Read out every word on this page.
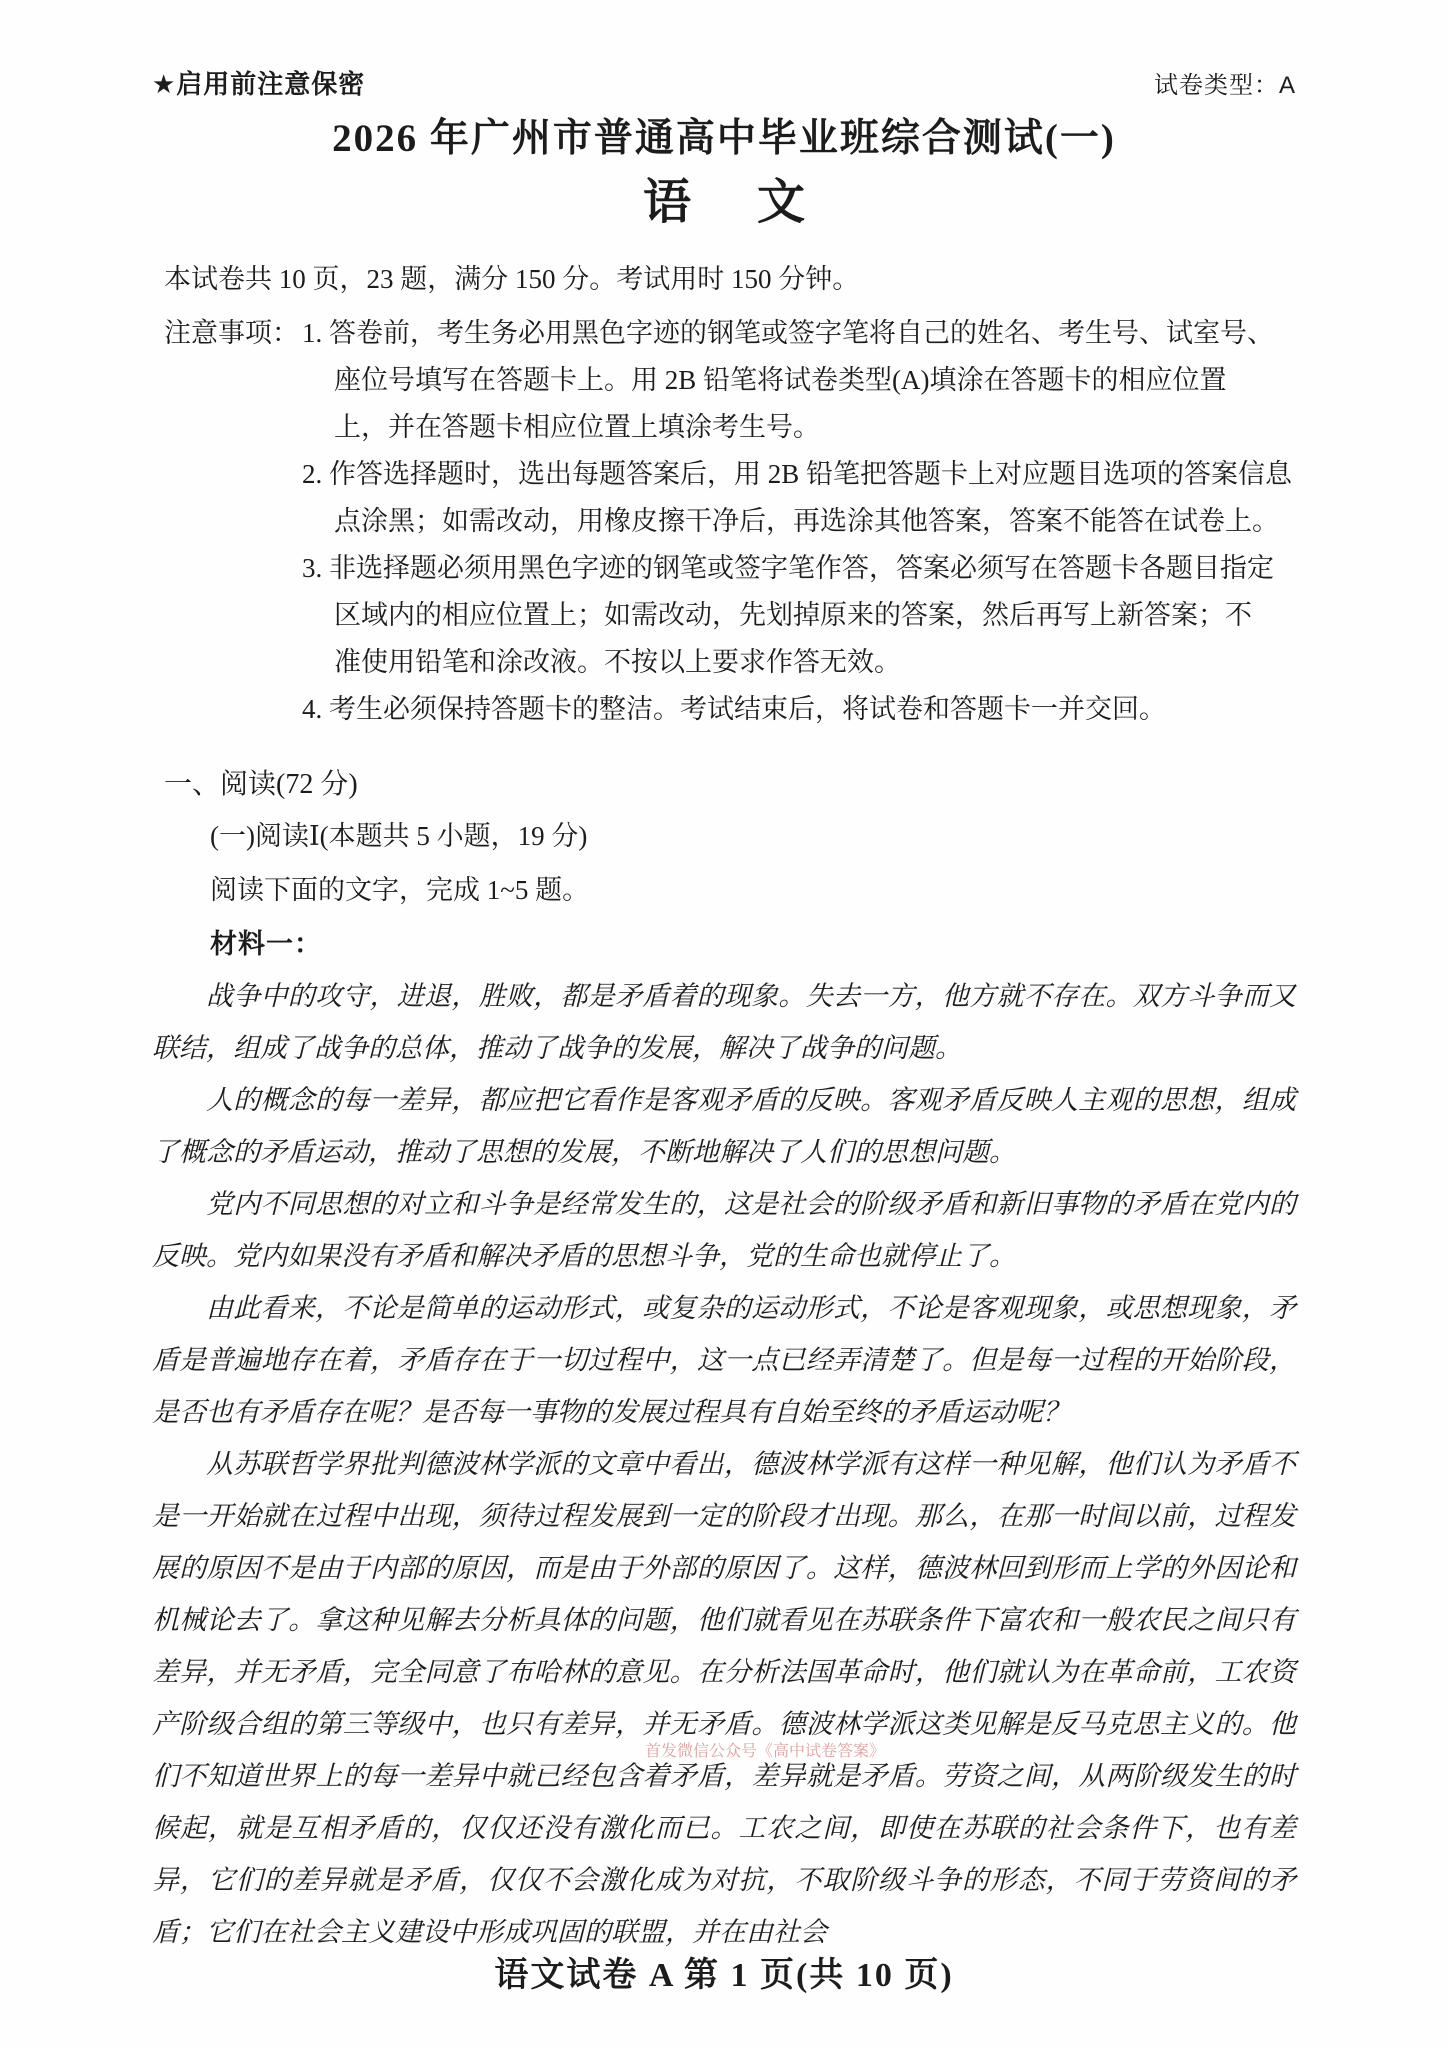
★启用前注意保密	试卷类型：A
2026 年广州市普通高中毕业班综合测试(一)
语 文
本试卷共 10 页，23 题，满分 150 分。考试用时 150 分钟。
注意事项： 1. 答卷前，考生务必用黑色字迹的钢笔或签字笔将自己的姓名、考生号、试室号、
座位号填写在答题卡上。用 2B 铅笔将试卷类型(A)填涂在答题卡的相应位置
上，并在答题卡相应位置上填涂考生号。
2. 作答选择题时，选出每题答案后，用 2B 铅笔把答题卡上对应题目选项的答案信息
点涂黑；如需改动，用橡皮擦干净后，再选涂其他答案，答案不能答在试卷上。
3. 非选择题必须用黑色字迹的钢笔或签字笔作答，答案必须写在答题卡各题目指定
区域内的相应位置上；如需改动，先划掉原来的答案，然后再写上新答案；不
准使用铅笔和涂改液。不按以上要求作答无效。
4. 考生必须保持答题卡的整洁。考试结束后，将试卷和答题卡一并交回。
一、阅读(72 分)
(一)阅读Ⅰ(本题共 5 小题，19 分)
阅读下面的文字，完成 1~5 题。
材料一：

战争中的攻守，进退，胜败，都是矛盾着的现象。失去一方，他方就不存在。双方斗争而又联结，组成了战争的总体，推动了战争的发展，解决了战争的问题。

人的概念的每一差异，都应把它看作是客观矛盾的反映。客观矛盾反映人主观的思想，组成了概念的矛盾运动，推动了思想的发展，不断地解决了人们的思想问题。

党内不同思想的对立和斗争是经常发生的，这是社会的阶级矛盾和新旧事物的矛盾在党内的反映。党内如果没有矛盾和解决矛盾的思想斗争，党的生命也就停止了。

由此看来，不论是简单的运动形式，或复杂的运动形式，不论是客观现象，或思想现象，矛盾是普遍地存在着，矛盾存在于一切过程中，这一点已经弄清楚了。但是每一过程的开始阶段，是否也有矛盾存在呢？是否每一事物的发展过程具有自始至终的矛盾运动呢？

从苏联哲学界批判德波林学派的文章中看出，德波林学派有这样一种见解，他们认为矛盾不是一开始就在过程中出现，须待过程发展到一定的阶段才出现。那么，在那一时间以前，过程发展的原因不是由于内部的原因，而是由于外部的原因了。这样，德波林回到形而上学的外因论和机械论去了。拿这种见解去分析具体的问题，他们就看见在苏联条件下富农和一般农民之间只有差异，并无矛盾，完全同意了布哈林的意见。在分析法国革命时，他们就认为在革命前，工农资产阶级合组的第三等级中，也只有差异，并无矛盾。德波林学派这类见解是反马克思主义的。他们不知道世界上的每一差异中就已经包含着矛盾，差异就是矛盾。劳资之间，从两阶级发生的时候起，就是互相矛盾的，仅仅还没有激化而已。工农之间，即使在苏联的社会条件下，也有差异，它们的差异就是矛盾，仅仅不会激化成为对抗，不取阶级斗争的形态，不同于劳资间的矛盾；它们在社会主义建设中形成巩固的联盟，并在由社会

首发微信公众号《高中试卷答案》
语文试卷 A 第 1 页(共 10 页)
